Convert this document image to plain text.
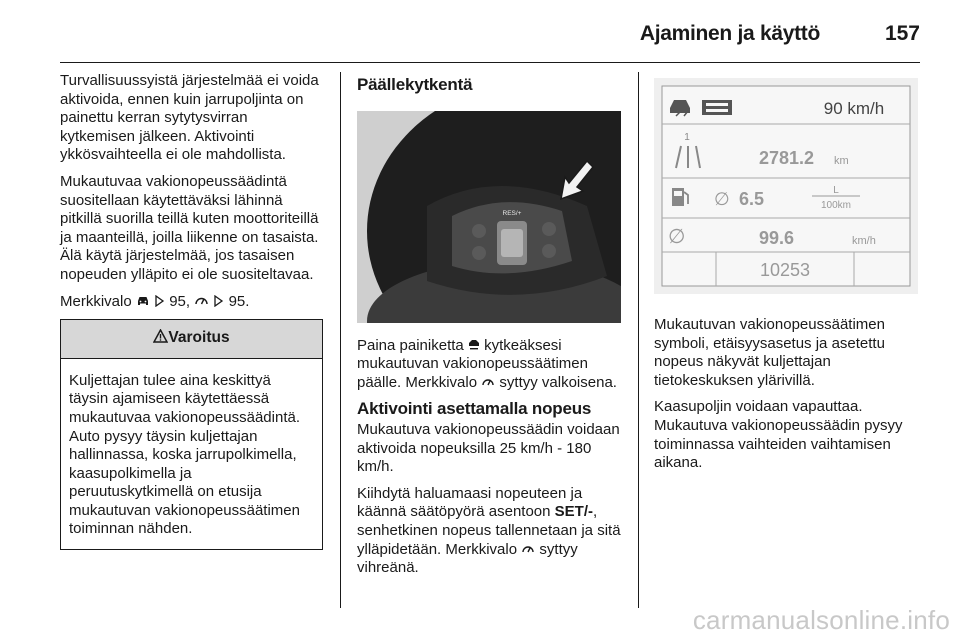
Ajaminen ja käyttö	157

Turvallisuussyistä järjestelmää ei voida aktivoida, ennen kuin jarrupoljinta on painettu kerran sytytysvirran kytkemisen jälkeen. Aktivointi ykkösvaihteella ei ole mahdollista.

Mukautuvaa vakionopeussäädintä suositellaan käytettäväksi lähinnä pitkillä suorilla teillä kuten moottoriteillä ja maanteillä, joilla liikenne on tasaista. Älä käytä järjestelmää, jos tasaisen nopeuden ylläpito ei ole suositeltavaa.

Merkkivalo	95,	95.

Varoitus
Kuljettajan tulee aina keskittyä täysin ajamiseen käytettäessä mukautuvaa vakionopeussäädintä. Auto pysyy täysin kuljettajan hallinnassa, koska jarrupolkimella, kaasupolkimella ja peruutuskytkimellä on etusija mukautuvan vakionopeussäätimen toiminnan nähden.
Päällekytkentä
RES/+

Paina painiketta kytkeäksesi mukautuvan vakionopeussäätimen päälle. Merkkivalo syttyy valkoisena.

Aktivointi asettamalla nopeus

Mukautuva vakionopeussäädin voidaan aktivoida nopeuksilla 25 km/h - 180 km/h.

Kiihdytä haluamaasi nopeuteen ja käännä säätöpyörä asentoon SET/-, senhetkinen nopeus tallennetaan ja sitä ylläpidetään. Merkkivalo syttyy vihreänä.

90 km/h
1
2781.2 km
∅ 6.5	L
100km
∅	99.6	km/h
10253

Mukautuvan vakionopeussäätimen symboli, etäisyysasetus ja asetettu nopeus näkyvät kuljettajan tietokeskuksen ylärivillä.

Kaasupoljin voidaan vapauttaa. Mukautuva vakionopeussäädin pysyy toiminnassa vaihteiden vaihtamisen aikana.

carmanualsonline.info
